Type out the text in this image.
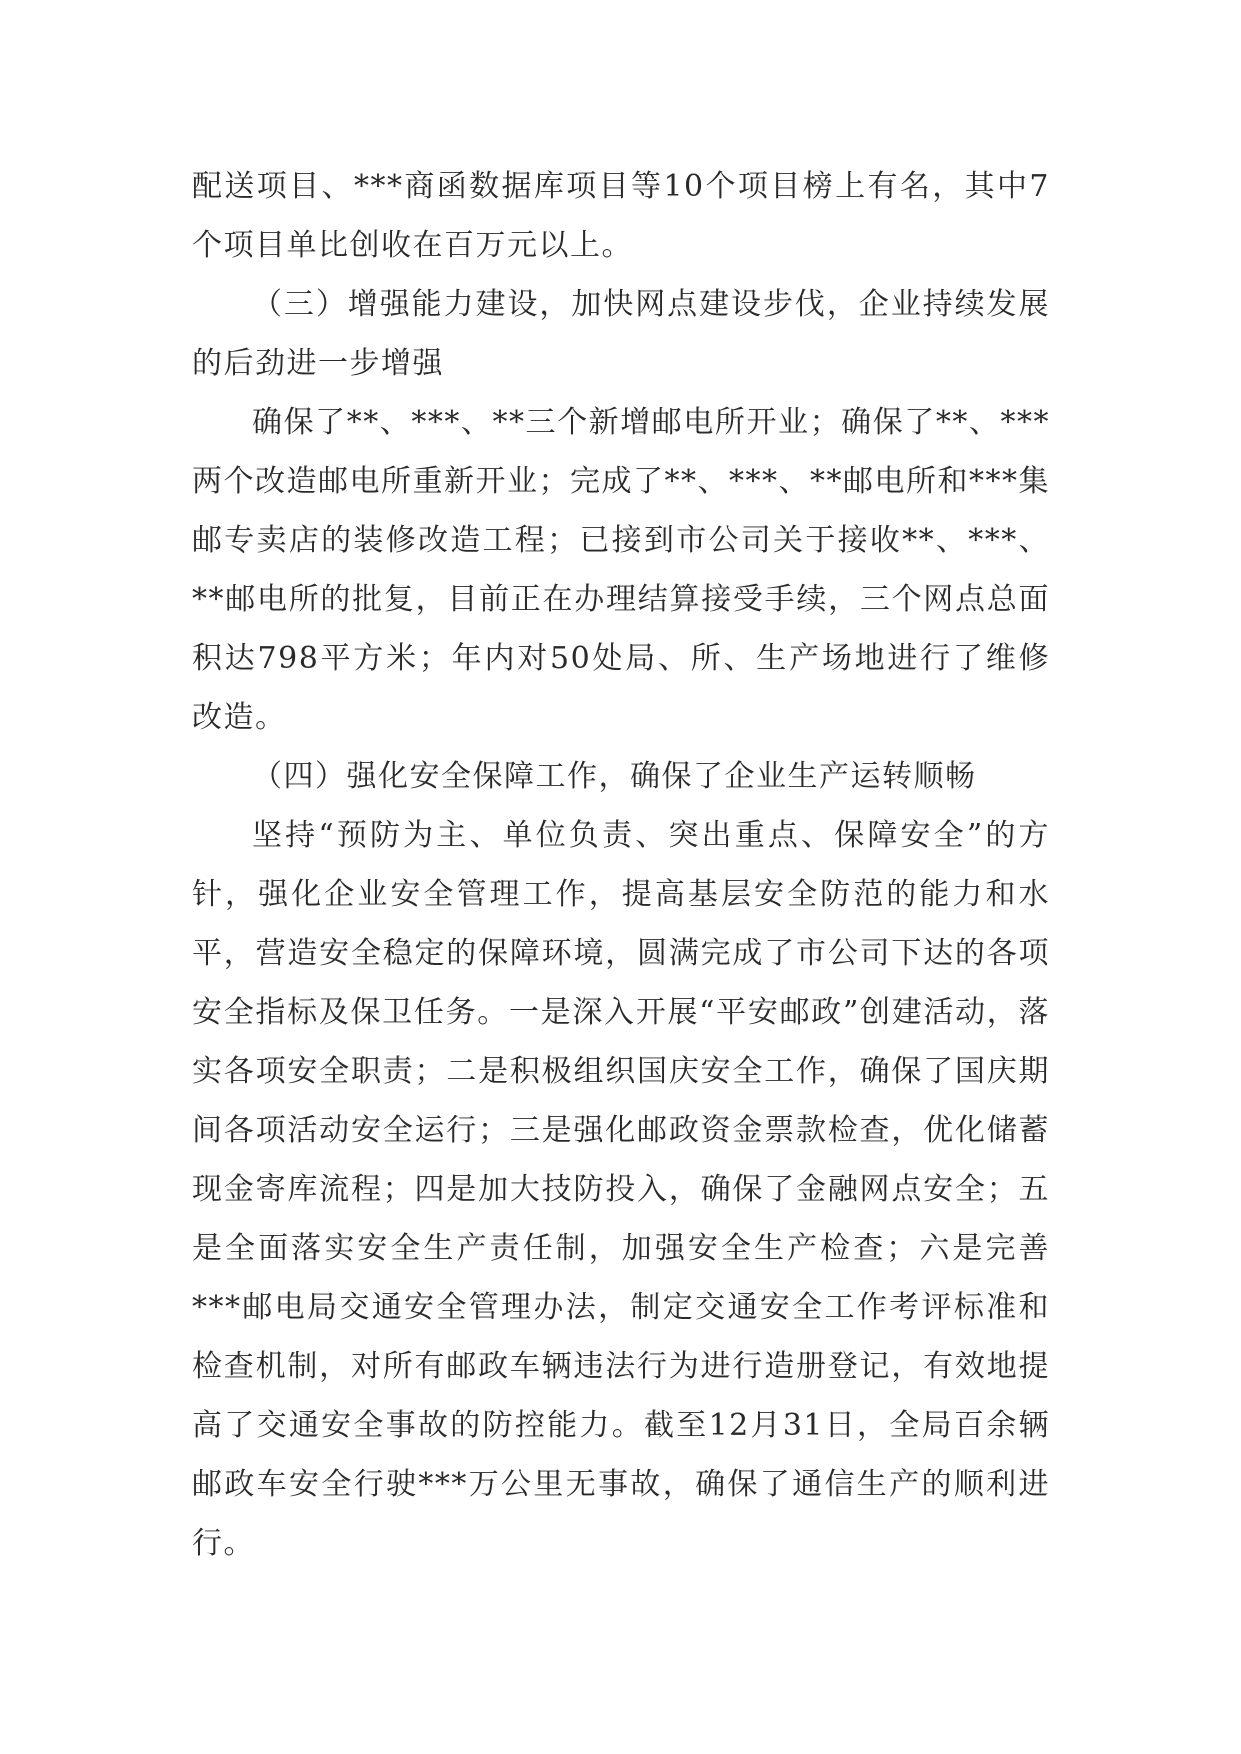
配送项目、***商函数据库项目等10个项目榜上有名，其中7个项目单比创收在百万元以上。

（三）增强能力建设，加快网点建设步伐，企业持续发展的后劲进一步增强

确保了**、***、**三个新增邮电所开业；确保了**、***两个改造邮电所重新开业；完成了**、***、**邮电所和***集邮专卖店的装修改造工程；已接到市公司关于接收**、***、**邮电所的批复，目前正在办理结算接受手续，三个网点总面积达798平方米；年内对50处局、所、生产场地进行了维修改造。

（四）强化安全保障工作，确保了企业生产运转顺畅

坚持“预防为主、单位负责、突出重点、保障安全”的方针，强化企业安全管理工作，提高基层安全防范的能力和水平，营造安全稳定的保障环境，圆满完成了市公司下达的各项安全指标及保卫任务。一是深入开展“平安邮政”创建活动，落实各项安全职责；二是积极组织国庆安全工作，确保了国庆期间各项活动安全运行；三是强化邮政资金票款检查，优化储蓄现金寄库流程；四是加大技防投入，确保了金融网点安全；五是全面落实安全生产责任制，加强安全生产检查；六是完善***邮电局交通安全管理办法，制定交通安全工作考评标准和检查机制，对所有邮政车辆违法行为进行造册登记，有效地提高了交通安全事故的防控能力。截至12月31日，全局百余辆邮政车安全行驶***万公里无事故，确保了通信生产的顺利进行。
